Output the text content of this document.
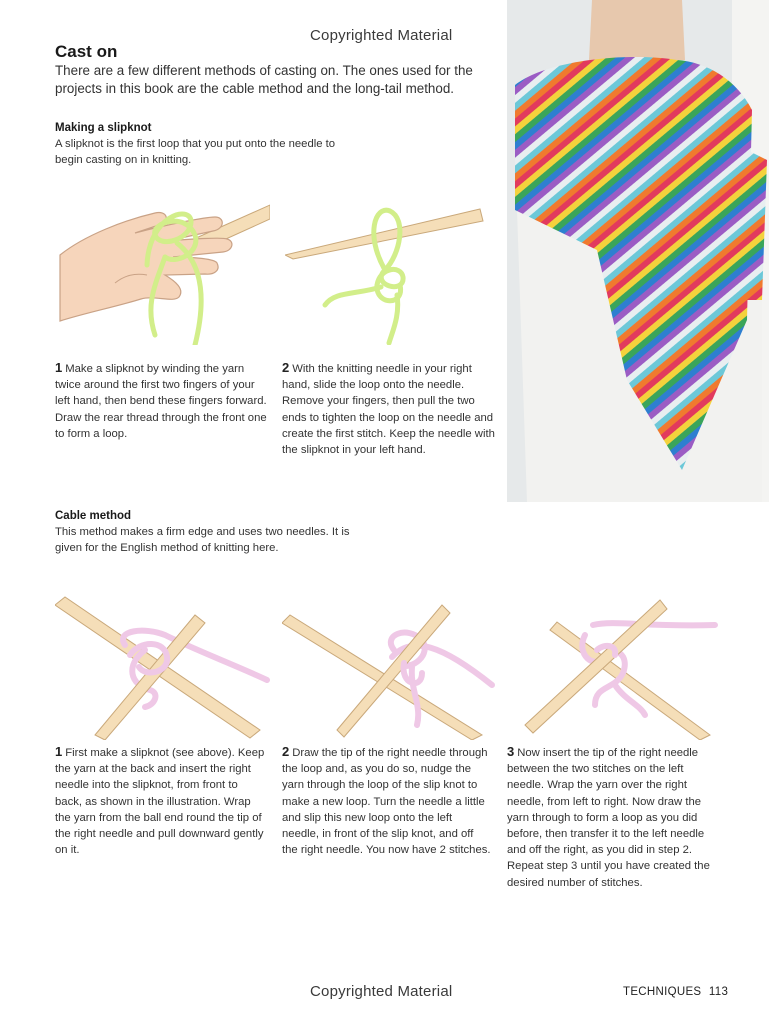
Copyrighted Material
Copyrighted Material
Cast on
There are a few different methods of casting on. The ones used for the projects in this book are the cable method and the long-tail method.
Making a slipknot
A slipknot is the first loop that you put onto the needle to begin casting on in knitting.
1 Make a slipknot by winding the yarn twice around the first two fingers of your left hand, then bend these fingers forward. Draw the rear thread through the front one to form a loop.
2 With the knitting needle in your right hand, slide the loop onto the needle. Remove your fingers, then pull the two ends to tighten the loop on the needle and create the first stitch. Keep the needle with the slipknot in your left hand.
Cable method
This method makes a firm edge and uses two needles. It is given for the English method of knitting here.
1 First make a slipknot (see above). Keep the yarn at the back and insert the right needle into the slipknot, from front to back, as shown in the illustration. Wrap the yarn from the ball end round the tip of the right needle and pull downward gently on it.
2 Draw the tip of the right needle through the loop and, as you do so, nudge the yarn through the loop of the slip knot to make a new loop. Turn the needle a little and slip this new loop onto the left needle, in front of the slip knot, and off the right needle. You now have 2 stitches.
3 Now insert the tip of the right needle between the two stitches on the left needle. Wrap the yarn over the right needle, from left to right. Now draw the yarn through to form a loop as you did before, then transfer it to the left needle and off the right, as you did in step 2. Repeat step 3 until you have created the desired number of stitches.
TECHNIQUES 113
